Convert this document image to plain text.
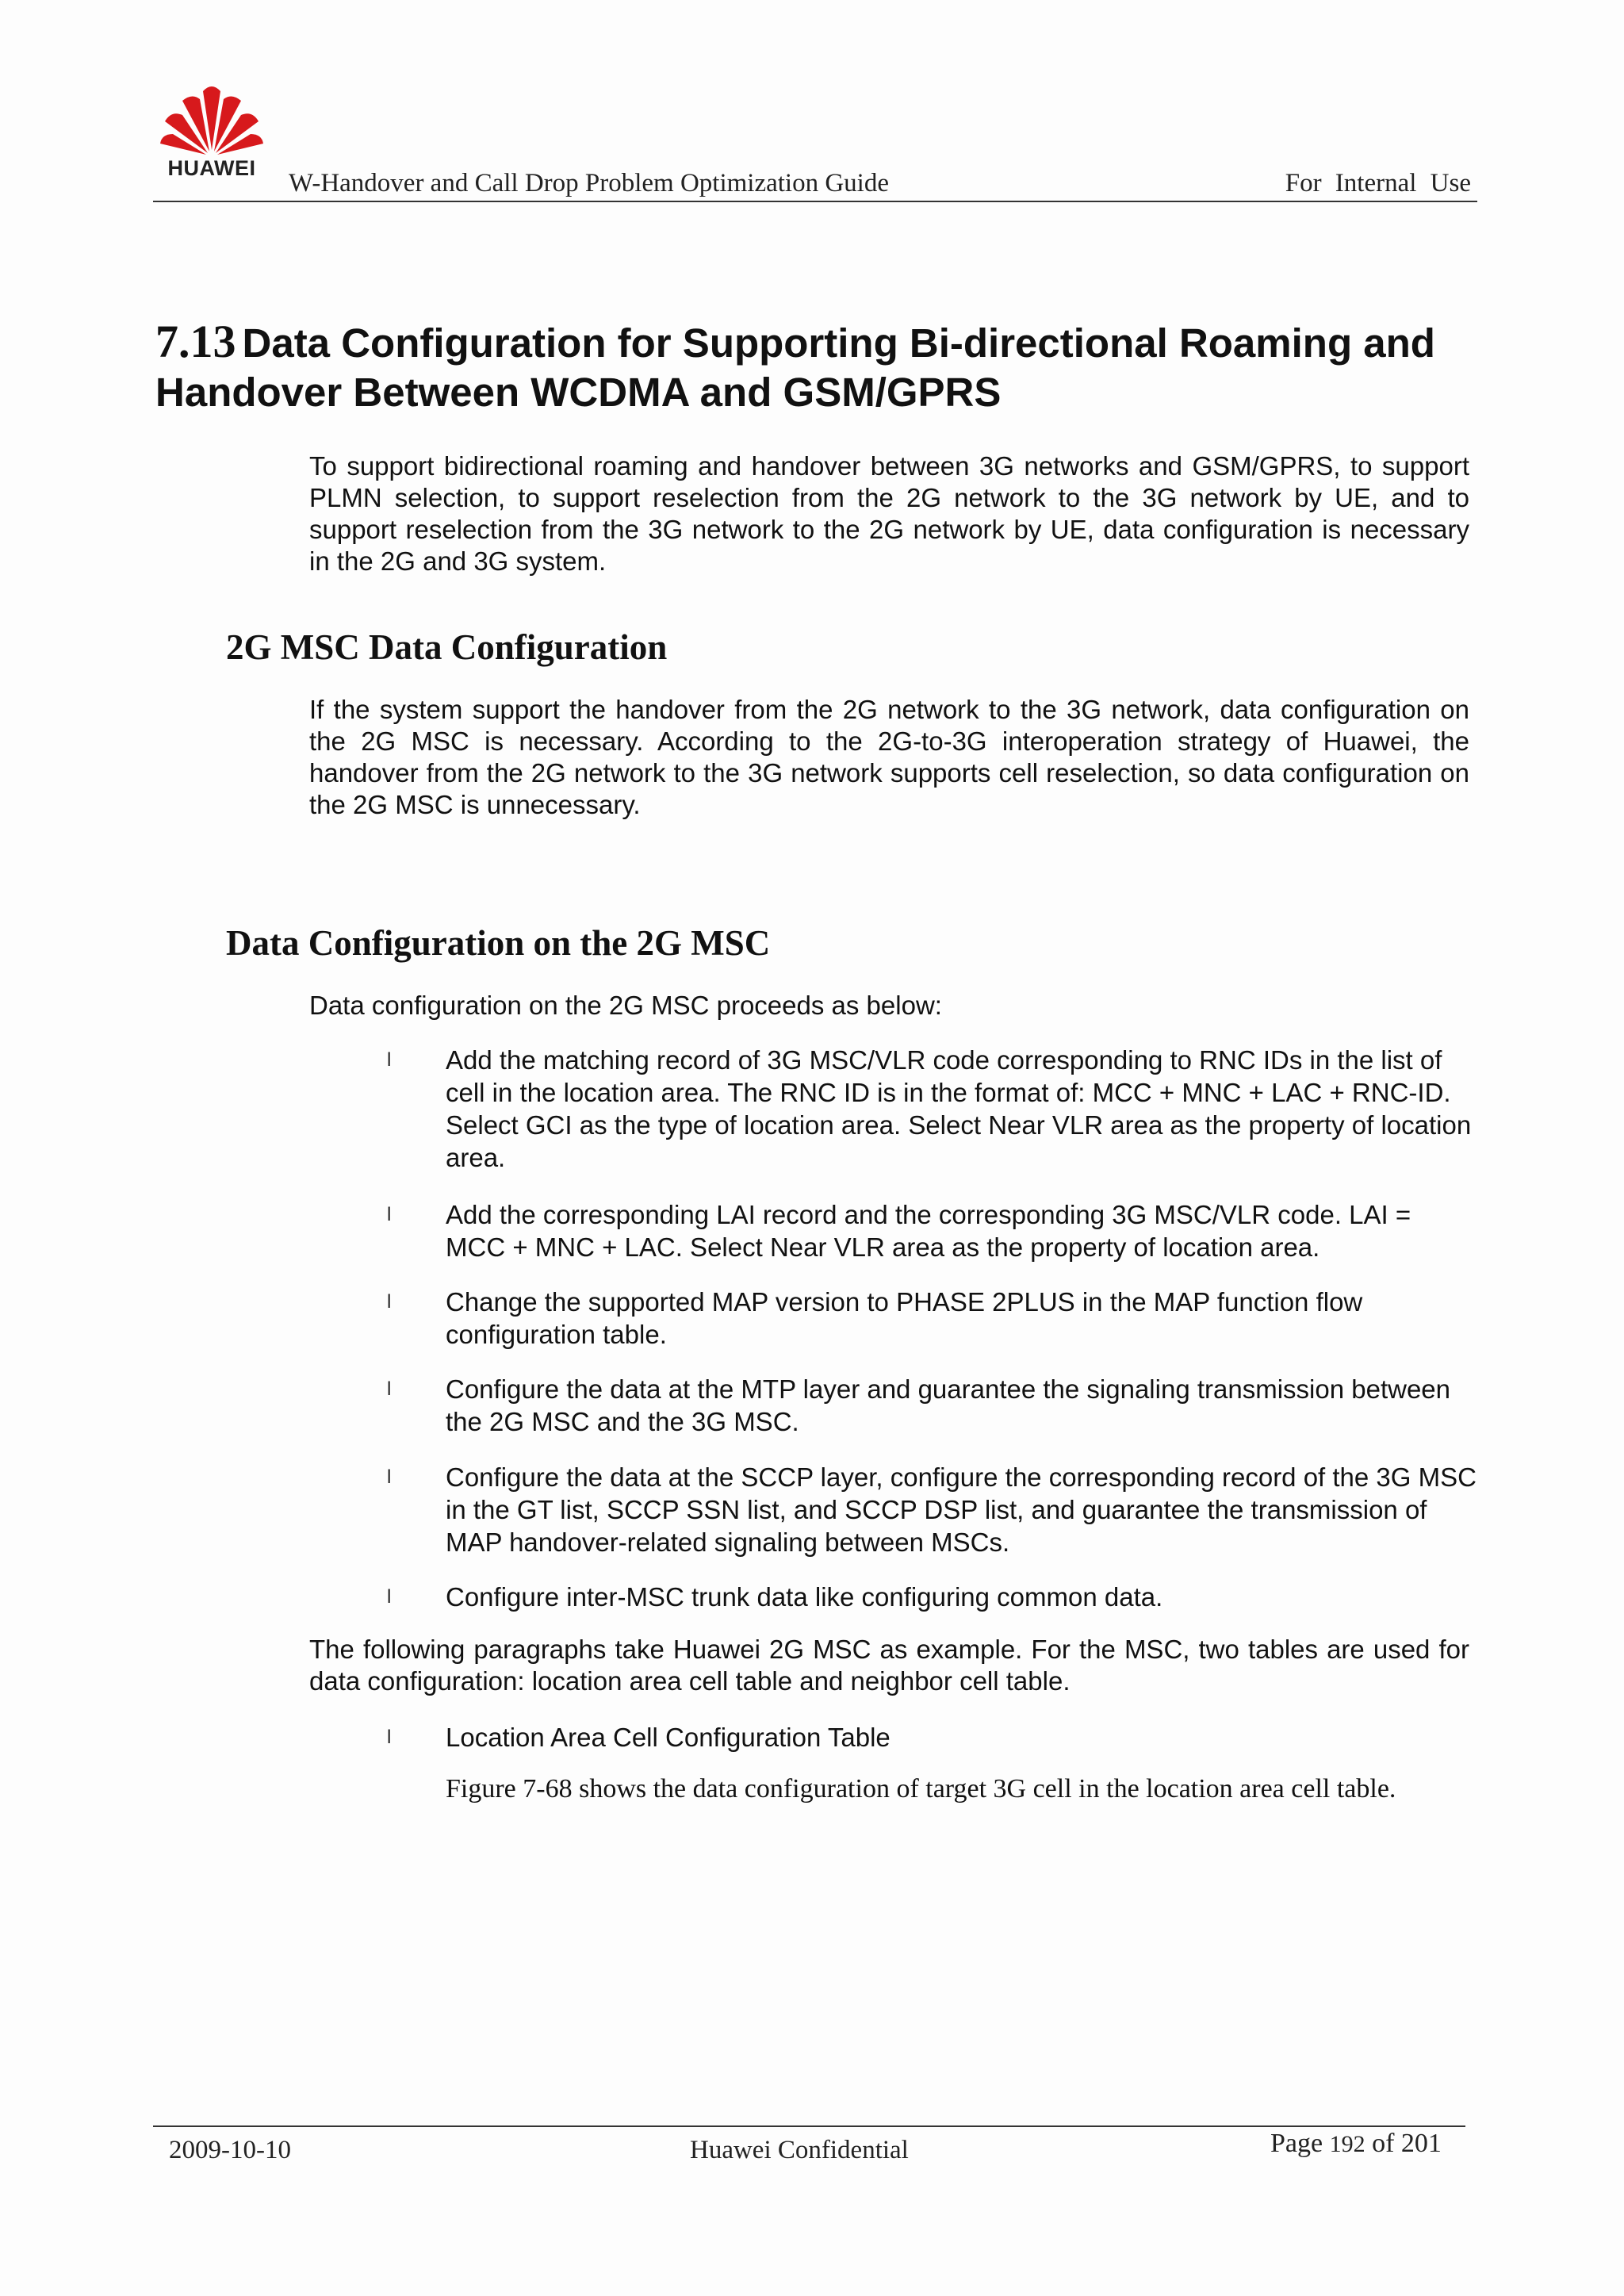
HUAWEI
W-Handover and Call Drop Problem Optimization Guide	For Internal Use
7.13 Data Configuration for Supporting Bi-directional Roaming and Handover Between WCDMA and GSM/GPRS

To support bidirectional roaming and handover between 3G networks and GSM/GPRS, to support PLMN selection, to support reselection from the 2G network to the 3G network by UE, and to support reselection from the 3G network to the 2G network by UE, data configuration is necessary in the 2G and 3G system.

2G MSC Data Configuration

If the system support the handover from the 2G network to the 3G network, data configuration on the 2G MSC is necessary. According to the 2G-to-3G interoperation strategy of Huawei, the handover from the 2G network to the 3G network supports cell reselection, so data configuration on the 2G MSC is unnecessary.

Data Configuration on the 2G MSC

Data configuration on the 2G MSC proceeds as below:

l Add the matching record of 3G MSC/VLR code corresponding to RNC IDs in the list of cell in the location area. The RNC ID is in the format of: MCC + MNC + LAC + RNC-ID. Select GCI as the type of location area. Select Near VLR area as the property of location area.

l Add the corresponding LAI record and the corresponding 3G MSC/VLR code. LAI = MCC + MNC + LAC. Select Near VLR area as the property of location area.

l Change the supported MAP version to PHASE 2PLUS in the MAP function flow configuration table.

l Configure the data at the MTP layer and guarantee the signaling transmission between the 2G MSC and the 3G MSC.

l Configure the data at the SCCP layer, configure the corresponding record of the 3G MSC in the GT list, SCCP SSN list, and SCCP DSP list, and guarantee the transmission of MAP handover-related signaling between MSCs.

l Configure inter-MSC trunk data like configuring common data.

The following paragraphs take Huawei 2G MSC as example. For the MSC, two tables are used for data configuration: location area cell table and neighbor cell table.

l Location Area Cell Configuration Table

Figure 7-68 shows the data configuration of target 3G cell in the location area cell table.
2009-10-10	Huawei Confidential	Page 192 of 201
